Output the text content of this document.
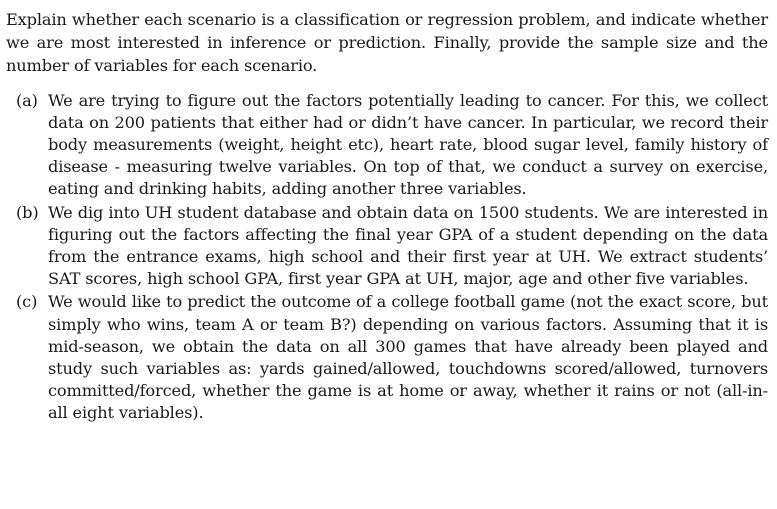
Explain whether each scenario is a classification or regression problem, and indicate whether we are most interested in inference or prediction. Finally, provide the sample size and the number of variables for each scenario.

(a) We are trying to figure out the factors potentially leading to cancer. For this, we collect data on 200 patients that either had or didn’t have cancer. In particular, we record their body measurements (weight, height etc), heart rate, blood sugar level, family history of disease - measuring twelve variables. On top of that, we conduct a survey on exercise, eating and drinking habits, adding another three variables.
(b) We dig into UH student database and obtain data on 1500 students. We are interested in figuring out the factors affecting the final year GPA of a student depending on the data from the entrance exams, high school and their first year at UH. We extract students’ SAT scores, high school GPA, first year GPA at UH, major, age and other five variables.
(c) We would like to predict the outcome of a college football game (not the exact score, but simply who wins, team A or team B?) depending on various factors. Assuming that it is mid-season, we obtain the data on all 300 games that have already been played and study such variables as: yards gained/allowed, touchdowns scored/allowed, turnovers committed/forced, whether the game is at home or away, whether it rains or not (all-in-all eight variables).
